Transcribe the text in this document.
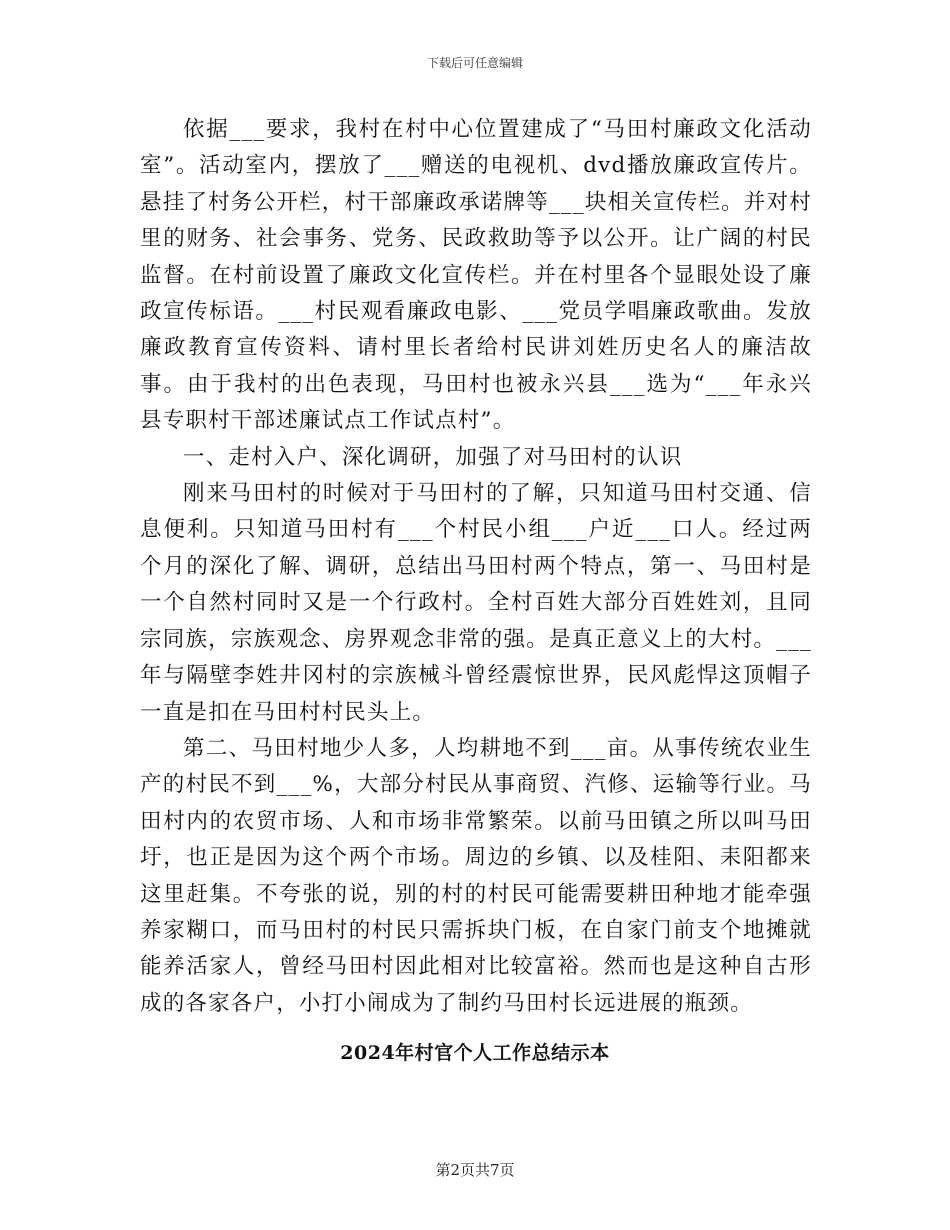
下载后可任意编辑

依据___要求，我村在村中心位置建成了“马田村廉政文化活动室”。活动室内，摆放了___赠送的电视机、dvd播放廉政宣传片。悬挂了村务公开栏，村干部廉政承诺牌等___块相关宣传栏。并对村里的财务、社会事务、党务、民政救助等予以公开。让广阔的村民监督。在村前设置了廉政文化宣传栏。并在村里各个显眼处设了廉政宣传标语。___村民观看廉政电影、___党员学唱廉政歌曲。发放廉政教育宣传资料、请村里长者给村民讲刘姓历史名人的廉洁故事。由于我村的出色表现，马田村也被永兴县___选为“___年永兴县专职村干部述廉试点工作试点村”。

一、走村入户、深化调研，加强了对马田村的认识

刚来马田村的时候对于马田村的了解，只知道马田村交通、信息便利。只知道马田村有___个村民小组___户近___口人。经过两个月的深化了解、调研，总结出马田村两个特点，第一、马田村是一个自然村同时又是一个行政村。全村百姓大部分百姓姓刘，且同宗同族，宗族观念、房界观念非常的强。是真正意义上的大村。___年与隔壁李姓井冈村的宗族械斗曾经震惊世界，民风彪悍这顶帽子一直是扣在马田村村民头上。

第二、马田村地少人多，人均耕地不到___亩。从事传统农业生产的村民不到___%，大部分村民从事商贸、汽修、运输等行业。马田村内的农贸市场、人和市场非常繁荣。以前马田镇之所以叫马田圩，也正是因为这个两个市场。周边的乡镇、以及桂阳、耒阳都来这里赶集。不夸张的说，别的村的村民可能需要耕田种地才能牵强养家糊口，而马田村的村民只需拆块门板，在自家门前支个地摊就能养活家人，曾经马田村因此相对比较富裕。然而也是这种自古形成的各家各户，小打小闹成为了制约马田村长远进展的瓶颈。

2024年村官个人工作总结示本
第2页共7页
